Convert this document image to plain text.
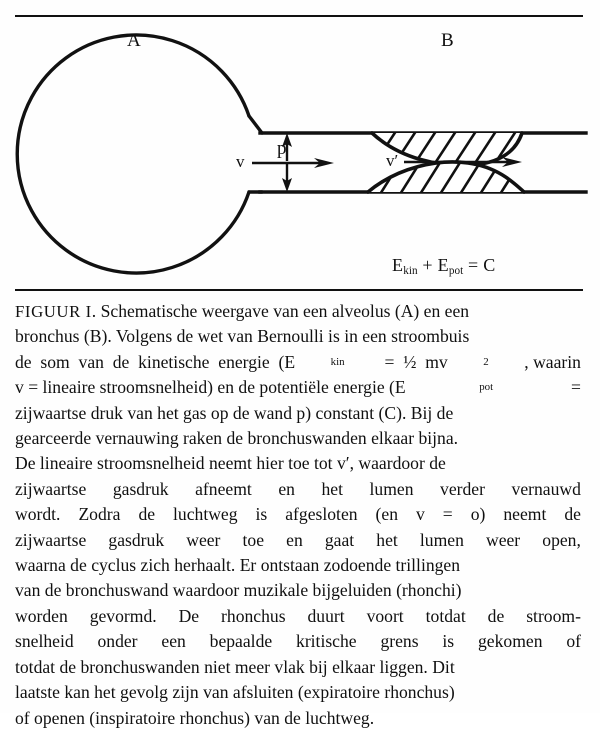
A	B
v	v′
p
$E_{kin} + E_{pot} = C$
FIGUUR I. Schematische weergave van een alveolus (A) en een
bronchus (B). Volgens de wet van Bernoulli is in een stroombuis
de  som  van  de  kinetische  energie  (E	kin =  ½  mv	2 , waarin
v = lineaire stroomsnelheid) en de potentiële energie (E	pot	=
zijwaartse druk van het gas op de wand p) constant (C). Bij de
gearceerde vernauwing raken de bronchuswanden elkaar bijna.
De lineaire stroomsnelheid neemt hier toe tot v′, waardoor de
zijwaartse gasdruk afneemt en het lumen verder vernauwd
wordt. Zodra de luchtweg is afgesloten (en v = o) neemt de
zijwaartse gasdruk weer toe en gaat het lumen weer open,
waarna de cyclus zich herhaalt. Er ontstaan zodoende trillingen
van de bronchuswand waardoor muzikale bijgeluiden (rhonchi)
worden gevormd. De rhonchus duurt voort totdat de stroom-
snelheid onder een bepaalde kritische grens is gekomen of
totdat de bronchuswanden niet meer vlak bij elkaar liggen. Dit
laatste kan het gevolg zijn van afsluiten (expiratoire rhonchus)
of openen (inspiratoire rhonchus) van de luchtweg.
